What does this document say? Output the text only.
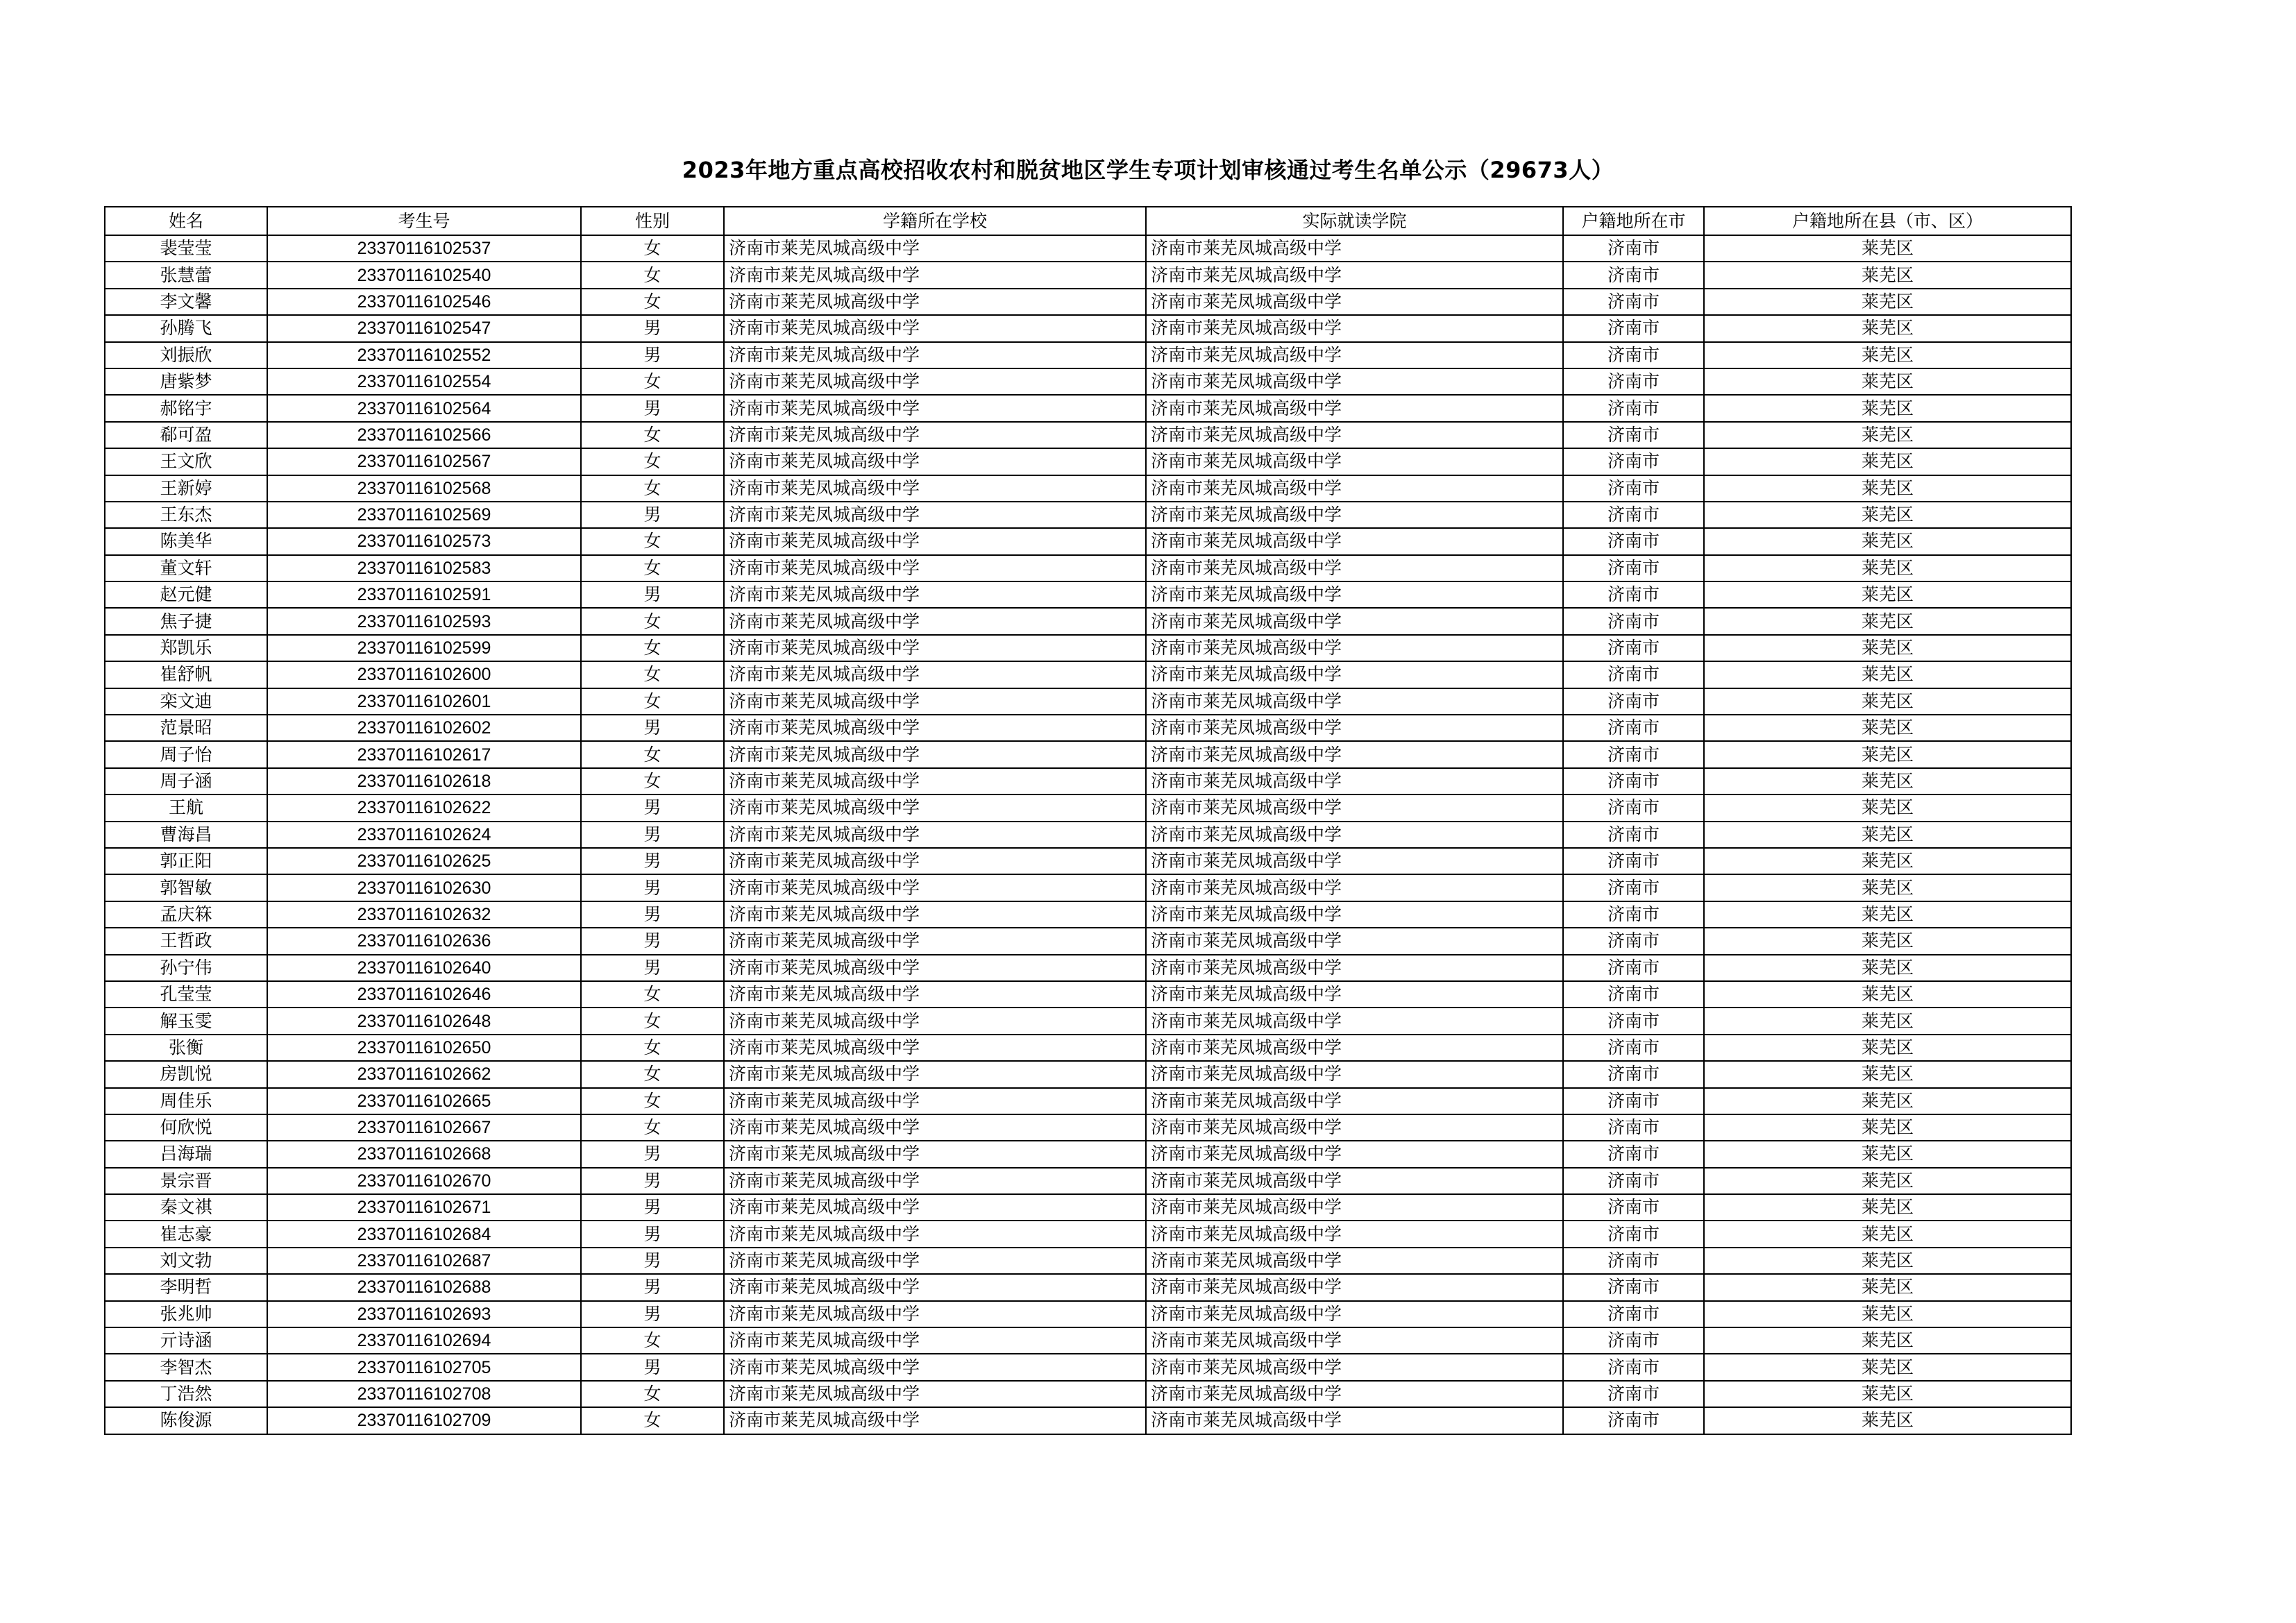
2023年地方重点高校招收农村和脱贫地区学生专项计划审核通过考生名单公示（29673人）
姓名	考生号	性别	学籍所在学校	实际就读学院	户籍地所在市	户籍地所在县（市、区）
裴莹莹	23370116102537	女	济南市莱芜凤城高级中学	济南市莱芜凤城高级中学	济南市	莱芜区
张慧蕾	23370116102540	女	济南市莱芜凤城高级中学	济南市莱芜凤城高级中学	济南市	莱芜区
李文馨	23370116102546	女	济南市莱芜凤城高级中学	济南市莱芜凤城高级中学	济南市	莱芜区
孙腾飞	23370116102547	男	济南市莱芜凤城高级中学	济南市莱芜凤城高级中学	济南市	莱芜区
刘振欣	23370116102552	男	济南市莱芜凤城高级中学	济南市莱芜凤城高级中学	济南市	莱芜区
唐紫梦	23370116102554	女	济南市莱芜凤城高级中学	济南市莱芜凤城高级中学	济南市	莱芜区
郝铭宇	23370116102564	男	济南市莱芜凤城高级中学	济南市莱芜凤城高级中学	济南市	莱芜区
郗可盈	23370116102566	女	济南市莱芜凤城高级中学	济南市莱芜凤城高级中学	济南市	莱芜区
王文欣	23370116102567	女	济南市莱芜凤城高级中学	济南市莱芜凤城高级中学	济南市	莱芜区
王新婷	23370116102568	女	济南市莱芜凤城高级中学	济南市莱芜凤城高级中学	济南市	莱芜区
王东杰	23370116102569	男	济南市莱芜凤城高级中学	济南市莱芜凤城高级中学	济南市	莱芜区
陈美华	23370116102573	女	济南市莱芜凤城高级中学	济南市莱芜凤城高级中学	济南市	莱芜区
董文轩	23370116102583	女	济南市莱芜凤城高级中学	济南市莱芜凤城高级中学	济南市	莱芜区
赵元健	23370116102591	男	济南市莱芜凤城高级中学	济南市莱芜凤城高级中学	济南市	莱芜区
焦子捷	23370116102593	女	济南市莱芜凤城高级中学	济南市莱芜凤城高级中学	济南市	莱芜区
郑凯乐	23370116102599	女	济南市莱芜凤城高级中学	济南市莱芜凤城高级中学	济南市	莱芜区
崔舒帆	23370116102600	女	济南市莱芜凤城高级中学	济南市莱芜凤城高级中学	济南市	莱芜区
栾文迪	23370116102601	女	济南市莱芜凤城高级中学	济南市莱芜凤城高级中学	济南市	莱芜区
范景昭	23370116102602	男	济南市莱芜凤城高级中学	济南市莱芜凤城高级中学	济南市	莱芜区
周子怡	23370116102617	女	济南市莱芜凤城高级中学	济南市莱芜凤城高级中学	济南市	莱芜区
周子涵	23370116102618	女	济南市莱芜凤城高级中学	济南市莱芜凤城高级中学	济南市	莱芜区
王航	23370116102622	男	济南市莱芜凤城高级中学	济南市莱芜凤城高级中学	济南市	莱芜区
曹海昌	23370116102624	男	济南市莱芜凤城高级中学	济南市莱芜凤城高级中学	济南市	莱芜区
郭正阳	23370116102625	男	济南市莱芜凤城高级中学	济南市莱芜凤城高级中学	济南市	莱芜区
郭智敏	23370116102630	男	济南市莱芜凤城高级中学	济南市莱芜凤城高级中学	济南市	莱芜区
孟庆箖	23370116102632	男	济南市莱芜凤城高级中学	济南市莱芜凤城高级中学	济南市	莱芜区
王哲政	23370116102636	男	济南市莱芜凤城高级中学	济南市莱芜凤城高级中学	济南市	莱芜区
孙宁伟	23370116102640	男	济南市莱芜凤城高级中学	济南市莱芜凤城高级中学	济南市	莱芜区
孔莹莹	23370116102646	女	济南市莱芜凤城高级中学	济南市莱芜凤城高级中学	济南市	莱芜区
解玉雯	23370116102648	女	济南市莱芜凤城高级中学	济南市莱芜凤城高级中学	济南市	莱芜区
张衡	23370116102650	女	济南市莱芜凤城高级中学	济南市莱芜凤城高级中学	济南市	莱芜区
房凯悦	23370116102662	女	济南市莱芜凤城高级中学	济南市莱芜凤城高级中学	济南市	莱芜区
周佳乐	23370116102665	女	济南市莱芜凤城高级中学	济南市莱芜凤城高级中学	济南市	莱芜区
何欣悦	23370116102667	女	济南市莱芜凤城高级中学	济南市莱芜凤城高级中学	济南市	莱芜区
吕海瑞	23370116102668	男	济南市莱芜凤城高级中学	济南市莱芜凤城高级中学	济南市	莱芜区
景宗晋	23370116102670	男	济南市莱芜凤城高级中学	济南市莱芜凤城高级中学	济南市	莱芜区
秦文祺	23370116102671	男	济南市莱芜凤城高级中学	济南市莱芜凤城高级中学	济南市	莱芜区
崔志豪	23370116102684	男	济南市莱芜凤城高级中学	济南市莱芜凤城高级中学	济南市	莱芜区
刘文勃	23370116102687	男	济南市莱芜凤城高级中学	济南市莱芜凤城高级中学	济南市	莱芜区
李明哲	23370116102688	男	济南市莱芜凤城高级中学	济南市莱芜凤城高级中学	济南市	莱芜区
张兆帅	23370116102693	男	济南市莱芜凤城高级中学	济南市莱芜凤城高级中学	济南市	莱芜区
亓诗涵	23370116102694	女	济南市莱芜凤城高级中学	济南市莱芜凤城高级中学	济南市	莱芜区
李智杰	23370116102705	男	济南市莱芜凤城高级中学	济南市莱芜凤城高级中学	济南市	莱芜区
丁浩然	23370116102708	女	济南市莱芜凤城高级中学	济南市莱芜凤城高级中学	济南市	莱芜区
陈俊源	23370116102709	女	济南市莱芜凤城高级中学	济南市莱芜凤城高级中学	济南市	莱芜区
